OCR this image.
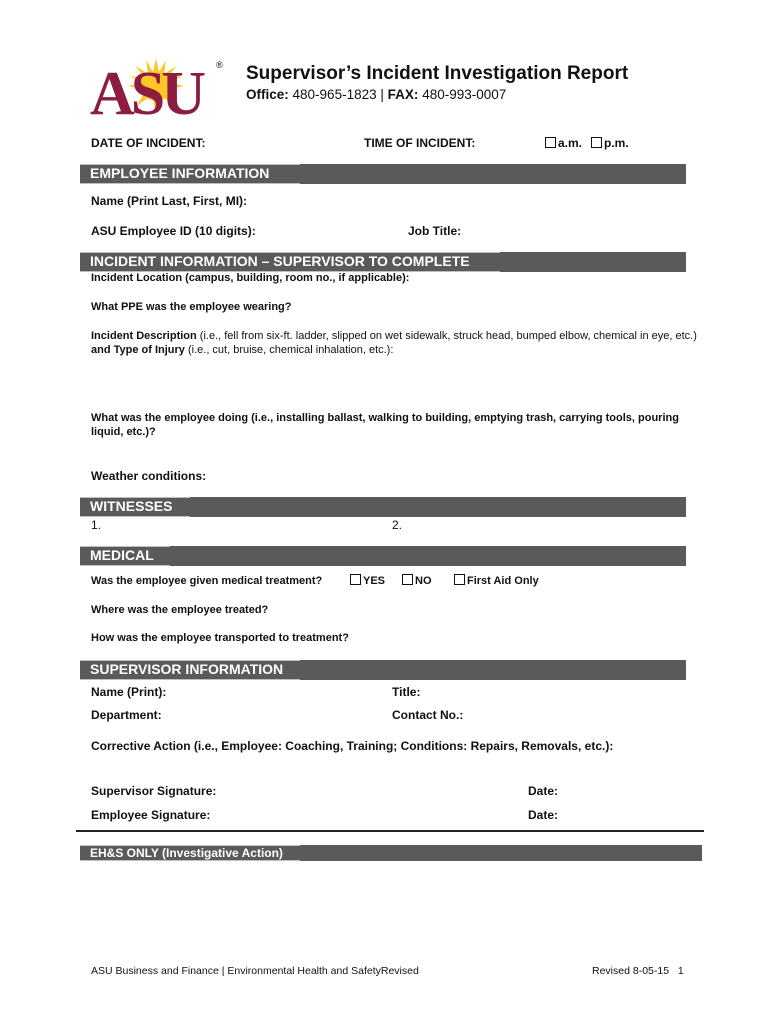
ASU	® Supervisor’s Incident Investigation Report
Office: 480-965-1823 | FAX: 480-993-0007
DATE OF INCIDENT:	TIME OF INCIDENT:	a.m.	p.m.
EMPLOYEE INFORMATION
Name (Print Last, First, MI):
ASU Employee ID (10 digits):	Job Title:
INCIDENT INFORMATION – SUPERVISOR TO COMPLETE
Incident Location (campus, building, room no., if applicable):
What PPE was the employee wearing?
Incident Description (i.e., fell from six-ft. ladder, slipped on wet sidewalk, struck head, bumped elbow, chemical in eye, etc.)
and Type of Injury (i.e., cut, bruise, chemical inhalation, etc.):
What was the employee doing (i.e., installing ballast, walking to building, emptying trash, carrying tools, pouring
liquid, etc.)?
Weather conditions:
WITNESSES
1.	2.
MEDICAL
Was the employee given medical treatment?	YES	NO	First Aid Only
Where was the employee treated?
How was the employee transported to treatment?
SUPERVISOR INFORMATION
Name (Print):	Title:
Department:	Contact No.:
Corrective Action (i.e., Employee: Coaching, Training; Conditions: Repairs, Removals, etc.):
Supervisor Signature:	Date:
Employee Signature:	Date:
EH&S ONLY (Investigative Action)
ASU Business and Finance | Environmental Health and SafetyRevised	Revised 8-05-15 1
